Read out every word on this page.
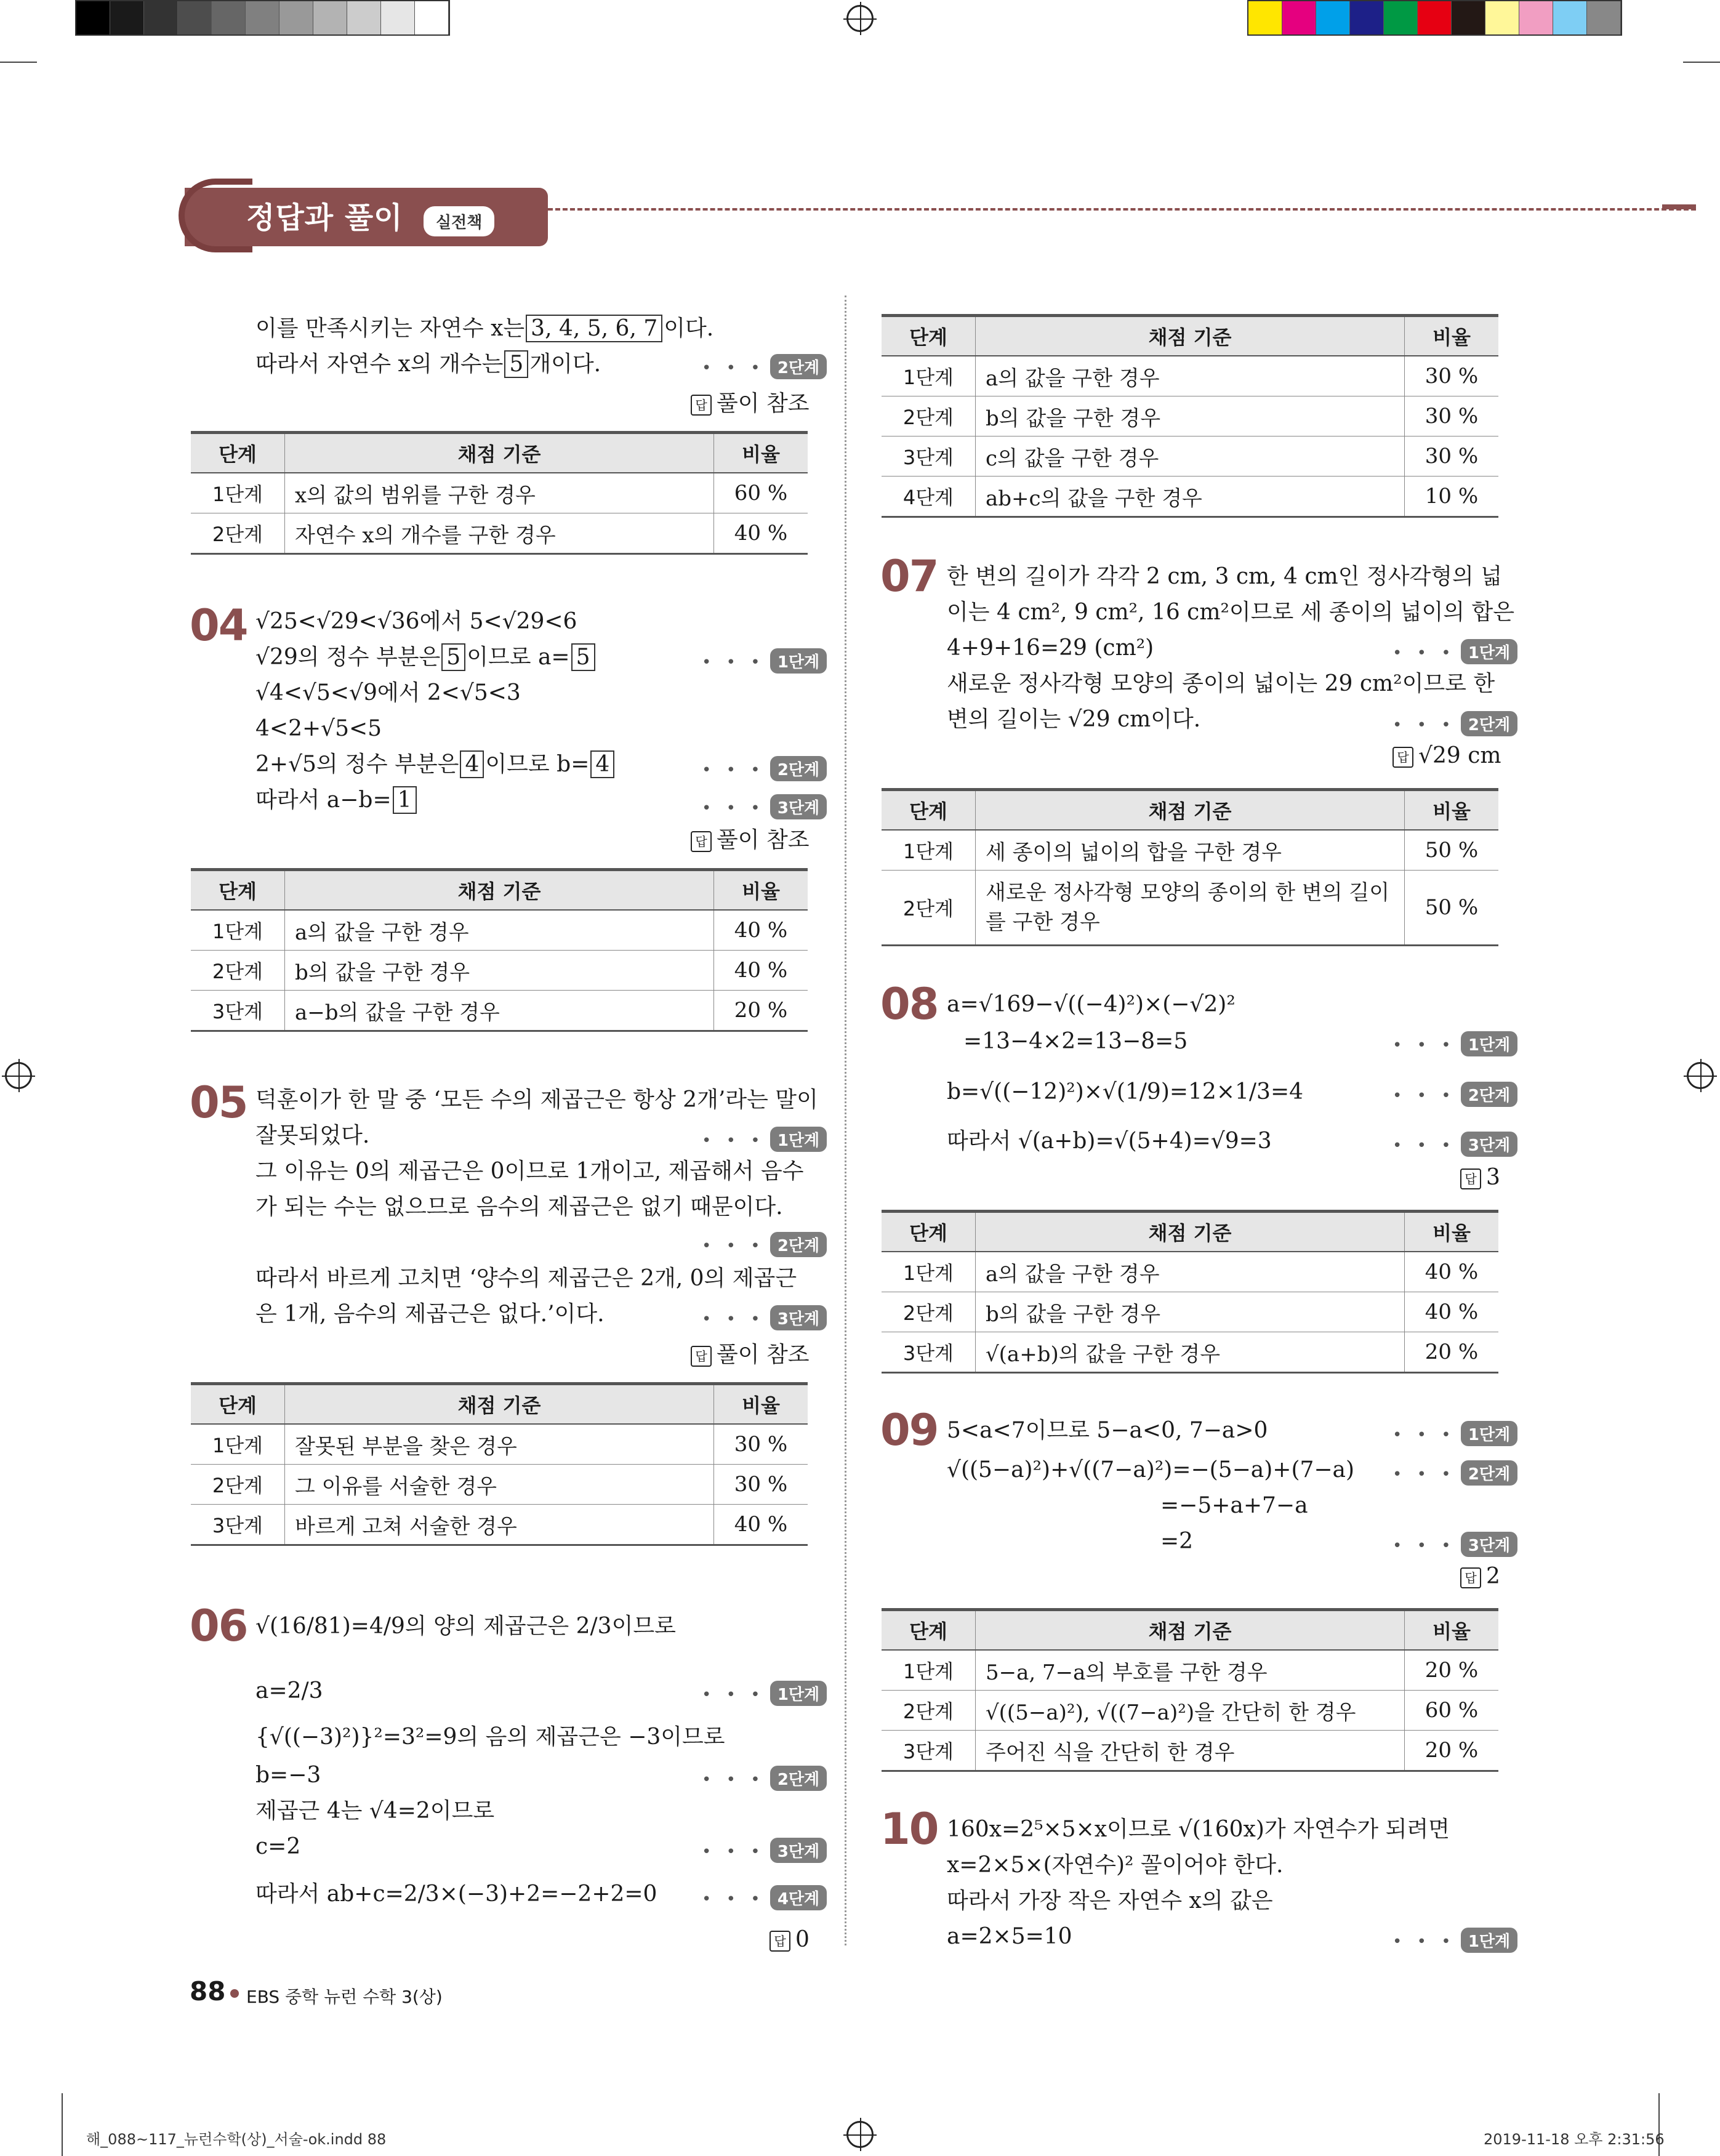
정답과 풀이	실전책
이를 만족시키는 자연수 x는 3, 4, 5, 6, 7 이다.
따라서 자연수 x의 개수는 5 개이다.	• • • 2단계
답 풀이 참조
단계	채점 기준	비율
1단계	x의 값의 범위를 구한 경우	60 %
2단계	자연수 x의 개수를 구한 경우	40 %
04 √25<√29<√36에서 5<√29<6
√29의 정수 부분은 5 이므로 a= 5	• • • 1단계
√4<√5<√9에서 2<√5<3
4<2+√5<5
2+√5의 정수 부분은 4 이므로 b= 4	• • • 2단계
따라서 a−b= 1	• • • 3단계
답 풀이 참조
단계	채점 기준	비율
1단계	a의 값을 구한 경우	40 %
2단계	b의 값을 구한 경우	40 %
3단계	a−b의 값을 구한 경우	20 %
05 덕훈이가 한 말 중 ‘모든 수의 제곱근은 항상 2개’라는 말이
잘못되었다.	• • • 1단계
그 이유는 0의 제곱근은 0이므로 1개이고, 제곱해서 음수
가 되는 수는 없으므로 음수의 제곱근은 없기 때문이다.
• • • 2단계
따라서 바르게 고치면 ‘양수의 제곱근은 2개, 0의 제곱근
은 1개, 음수의 제곱근은 없다.’이다.	• • • 3단계
답 풀이 참조
단계	채점 기준	비율
1단계	잘못된 부분을 찾은 경우	30 %
2단계	그 이유를 서술한 경우	30 %
3단계	바르게 고쳐 서술한 경우	40 %
06 √(16/81)=4/9의 양의 제곱근은 2/3이므로
a=2/3	• • • 1단계
{√((−3)²)}²=3²=9의 음의 제곱근은 −3이므로
b=−3	• • • 2단계
제곱근 4는 √4=2이므로
c=2	• • • 3단계
따라서 ab+c=2/3×(−3)+2=−2+2=0	• • • 4단계
답 0
단계	채점 기준	비율
1단계	a의 값을 구한 경우	30 %
2단계	b의 값을 구한 경우	30 %
3단계	c의 값을 구한 경우	30 %
4단계	ab+c의 값을 구한 경우	10 %
07 한 변의 길이가 각각 2 cm, 3 cm, 4 cm인 정사각형의 넓
이는 4 cm², 9 cm², 16 cm²이므로 세 종이의 넓이의 합은
4+9+16=29 (cm²)	• • • 1단계
새로운 정사각형 모양의 종이의 넓이는 29 cm²이므로 한
변의 길이는 √29 cm이다.	• • • 2단계
답 √29 cm
단계	채점 기준	비율
1단계	세 종이의 넓이의 합을 구한 경우	50 %
2단계	새로운 정사각형 모양의 종이의 한 변의 길이를 구한 경우	50 %
08 a=√169−√((−4)²)×(−√2)²
=13−4×2=13−8=5	• • • 1단계
b=√((−12)²)×√(1/9)=12×1/3=4	• • • 2단계
따라서 √(a+b)=√(5+4)=√9=3	• • • 3단계
답 3
단계	채점 기준	비율
1단계	a의 값을 구한 경우	40 %
2단계	b의 값을 구한 경우	40 %
3단계	√(a+b)의 값을 구한 경우	20 %
09 5<a<7이므로 5−a<0, 7−a>0	• • • 1단계
√((5−a)²)+√((7−a)²)=−(5−a)+(7−a) • • • 2단계
=−5+a+7−a
=2	• • • 3단계
답 2
단계	채점 기준	비율
1단계	5−a, 7−a의 부호를 구한 경우	20 %
2단계	√((5−a)²), √((7−a)²)을 간단히 한 경우	60 %
3단계	주어진 식을 간단히 한 경우	20 %
10 160x=2⁵×5×x이므로 √(160x)가 자연수가 되려면
x=2×5×(자연수)² 꼴이어야 한다.
따라서 가장 작은 자연수 x의 값은
a=2×5=10	• • • 1단계
88 EBS 중학 뉴런 수학 3(상)
해_088~117_뉴런수학(상)_서술-ok.indd 88	2019-11-18 오후 2:31:56
